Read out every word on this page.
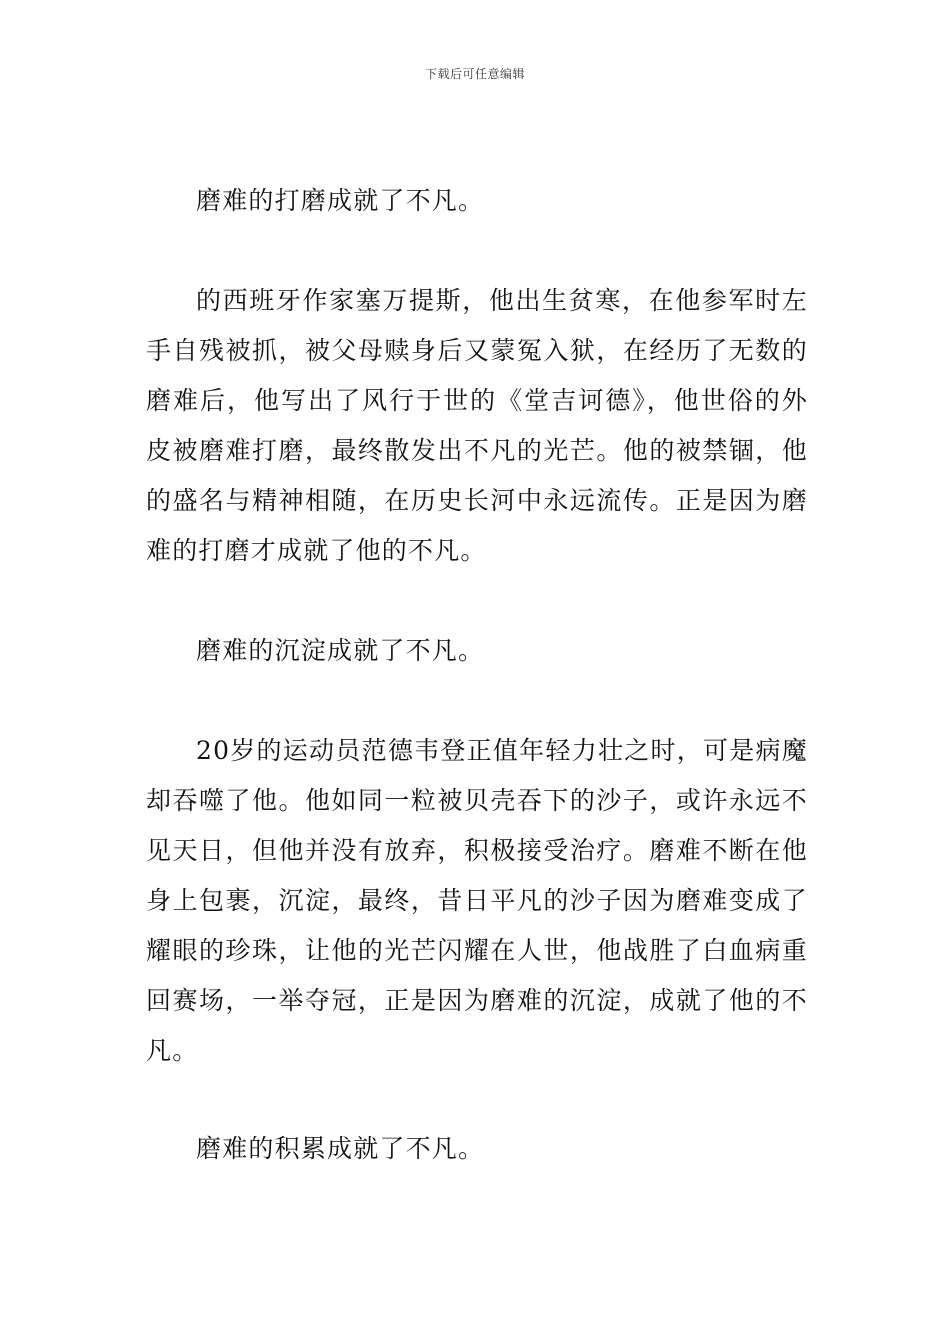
下载后可任意编辑

磨难的打磨成就了不凡。

的西班牙作家塞万提斯，他出生贫寒，在他参军时左手自残被抓，被父母赎身后又蒙冤入狱，在经历了无数的磨难后，他写出了风行于世的《堂吉诃德》，他世俗的外皮被磨难打磨，最终散发出不凡的光芒。他的被禁锢，他的盛名与精神相随，在历史长河中永远流传。正是因为磨难的打磨才成就了他的不凡。

磨难的沉淀成就了不凡。

20岁的运动员范德韦登正值年轻力壮之时，可是病魔却吞噬了他。他如同一粒被贝壳吞下的沙子，或许永远不见天日，但他并没有放弃，积极接受治疗。磨难不断在他身上包裹，沉淀，最终，昔日平凡的沙子因为磨难变成了耀眼的珍珠，让他的光芒闪耀在人世，他战胜了白血病重回赛场，一举夺冠，正是因为磨难的沉淀，成就了他的不凡。

磨难的积累成就了不凡。
